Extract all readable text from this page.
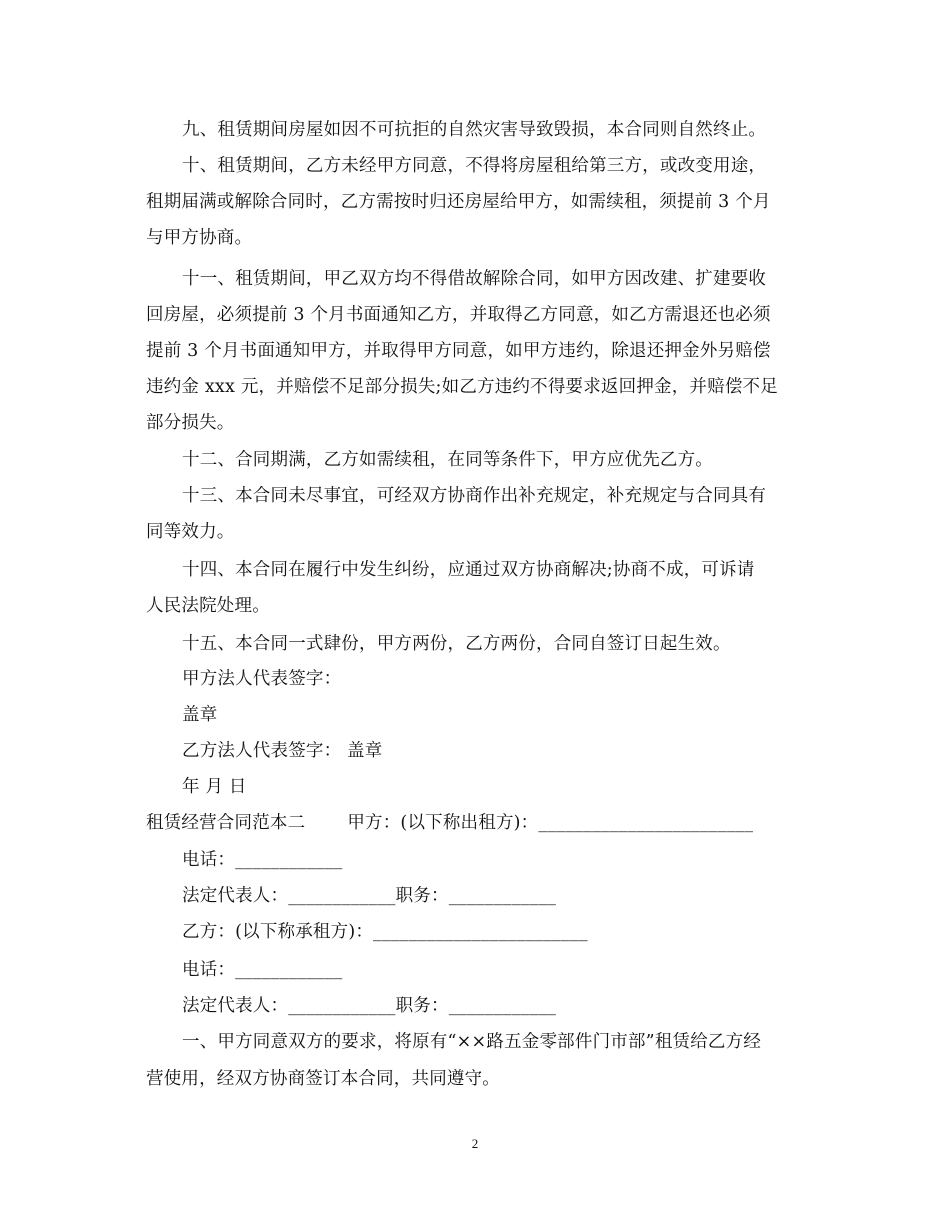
九、租赁期间房屋如因不可抗拒的自然灾害导致毁损，本合同则自然终止。
十、租赁期间，乙方未经甲方同意，不得将房屋租给第三方，或改变用途，
租期届满或解除合同时，乙方需按时归还房屋给甲方，如需续租，须提前 3 个月
与甲方协商。
十一、租赁期间，甲乙双方均不得借故解除合同，如甲方因改建、扩建要收
回房屋，必须提前 3 个月书面通知乙方，并取得乙方同意，如乙方需退还也必须
提前 3 个月书面通知甲方，并取得甲方同意，如甲方违约，除退还押金外另赔偿
违约金 xxx 元，并赔偿不足部分损失;如乙方违约不得要求返回押金，并赔偿不足
部分损失。
十二、合同期满，乙方如需续租，在同等条件下，甲方应优先乙方。
十三、本合同未尽事宜，可经双方协商作出补充规定，补充规定与合同具有
同等效力。
十四、本合同在履行中发生纠纷，应通过双方协商解决;协商不成，可诉请
人民法院处理。
十五、本合同一式肆份，甲方两份，乙方两份，合同自签订日起生效。
甲方法人代表签字：
盖章
乙方法人代表签字： 盖章
年 月 日
租赁经营合同范本二 甲方：(以下称出租方)：________________________
电话：____________
法定代表人：____________职务：____________
乙方：(以下称承租方)：________________________
电话：____________
法定代表人：____________职务：____________
一、甲方同意双方的要求，将原有“××路五金零部件门市部”租赁给乙方经
营使用，经双方协商签订本合同，共同遵守。
2
